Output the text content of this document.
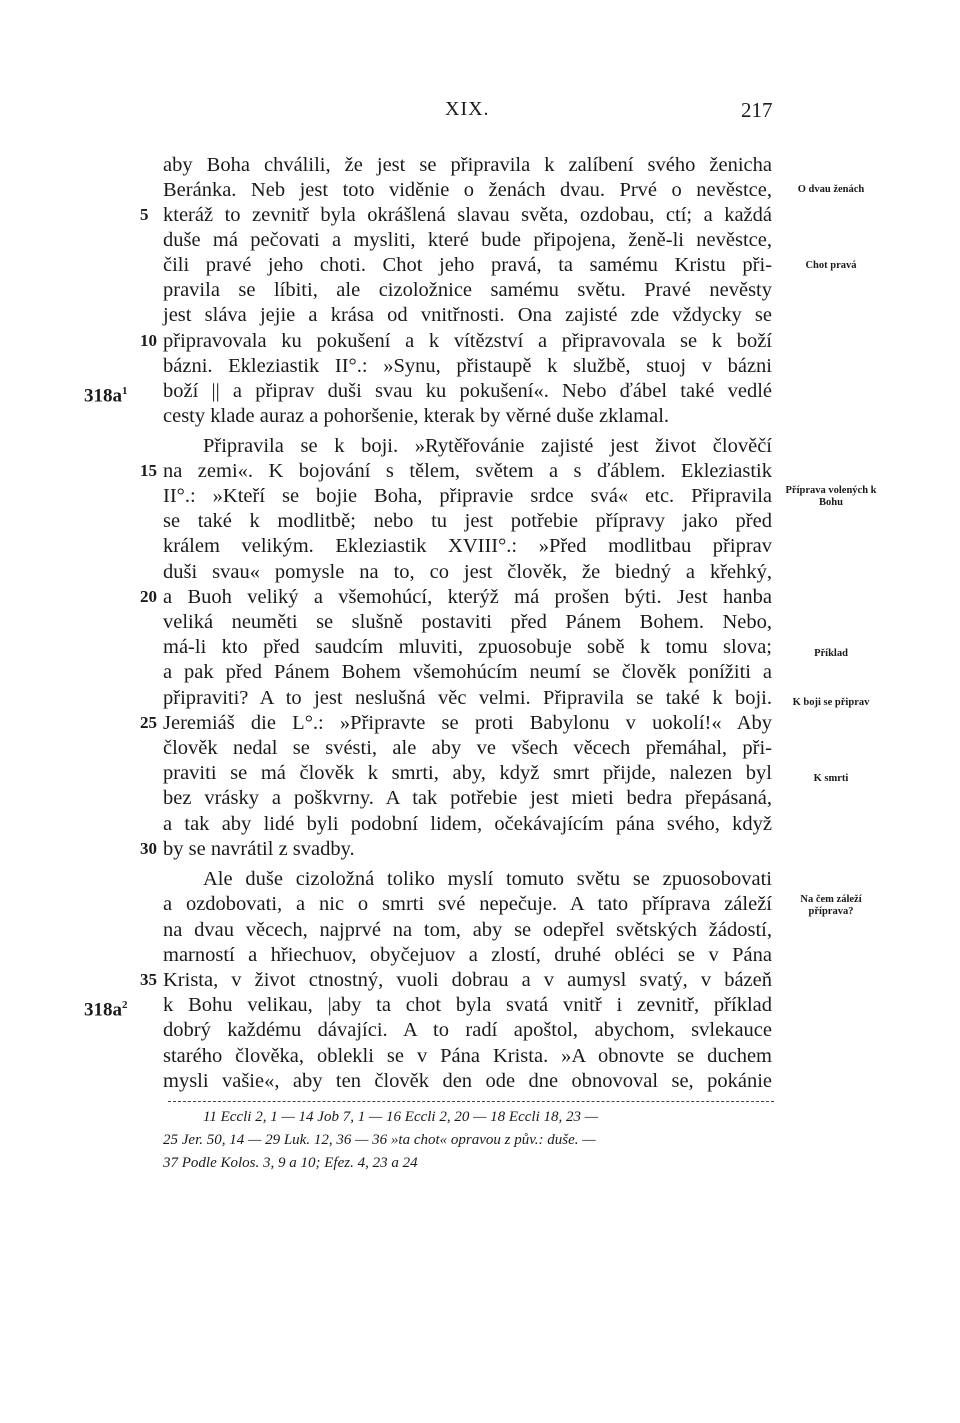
XIX.	217
aby Boha chválili, že jest se připravila k zalíbení svého ženicha
Beránka. Neb jest toto viděnie o ženách dvau. Prvé o nevěstce,
kteráž to zevnitř byla okrášlená slavau světa, ozdobau, ctí; a každá
duše má pečovati a mysliti, které bude připojena, ženě-li nevěstce,
čili pravé jeho choti. Chot jeho pravá, ta samému Kristu při-
pravila se líbiti, ale cizoložnice samému světu. Pravé nevěsty
jest sláva jejie a krása od vnitřnosti. Ona zajisté zde vždycky se
připravovala ku pokušení a k vítězství a připravovala se k boží
bázni. Ekleziastik II°.: »Synu, přistaupě k službě, stuoj v bázni
boží || a připrav duši svau ku pokušení«. Nebo ďábel také vedlé
cesty klade auraz a pohoršenie, kterak by věrné duše zklamal.
Připravila se k boji. »Rytěřovánie zajisté jest život člověčí
na zemi«. K bojování s tělem, světem a s ďáblem. Ekleziastik
II°.: »Kteří se bojie Boha, připravie srdce svá« etc. Připravila
se také k modlitbě; nebo tu jest potřebie přípravy jako před
králem velikým. Ekleziastik XVIII°.: »Před modlitbau připrav
duši svau« pomysle na to, co jest člověk, že biedný a křehký,
a Buoh veliký a všemohúcí, kterýž má prošen býti. Jest hanba
veliká neuměti se slušně postaviti před Pánem Bohem. Nebo,
má-li kto před saudcím mluviti, zpuosobuje sobě k tomu slova;
a pak před Pánem Bohem všemohúcím neumí se člověk ponížiti a
připraviti? A to jest neslušná věc velmi. Připravila se také k boji.
Jeremiáš die L°.: »Připravte se proti Babylonu v uokolí!« Aby
člověk nedal se svésti, ale aby ve všech věcech přemáhal, při-
praviti se má člověk k smrti, aby, když smrt přijde, nalezen byl
bez vrásky a poškvrny. A tak potřebie jest mieti bedra přepásaná,
a tak aby lidé byli podobní lidem, očekávajícím pána svého, když
by se navrátil z svadby.
Ale duše cizoložná toliko myslí tomuto světu se zpuosobovati
a ozdobovati, a nic o smrti své nepečuje. A tato příprava záleží
na dvau věcech, najprvé na tom, aby se odepřel světských žádostí,
marností a hřiechuov, obyčejuov a zlostí, druhé obléci se v Pána
Krista, v život ctnostný, vuoli dobrau a v aumysl svatý, v bázeň
k Bohu velikau, |aby ta chot byla svatá vnitř i zevnitř, příklad
dobrý každému dávajíci. A to radí apoštol, abychom, svlekauce
starého člověka, oblekli se v Pána Krista. »A obnovte se duchem
mysli vašie«, aby ten člověk den ode dne obnovoval se, pokánie
5
10
15
20
25
30
35
$318a^1$
$318a^2$
O dvau ženách
Chot pravá
Příprava volených k Bohu
Příklad
K boji se připrav
K smrti
Na čem záleží příprava?
11 Eccli 2, 1 — 14 Job 7, 1 — 16 Eccli 2, 20 — 18 Eccli 18, 23 —
25 Jer. 50, 14 — 29 Luk. 12, 36 — 36 »ta chot« opravou z pův.: duše. —
37 Podle Kolos. 3, 9 a 10; Efez. 4, 23 a 24
